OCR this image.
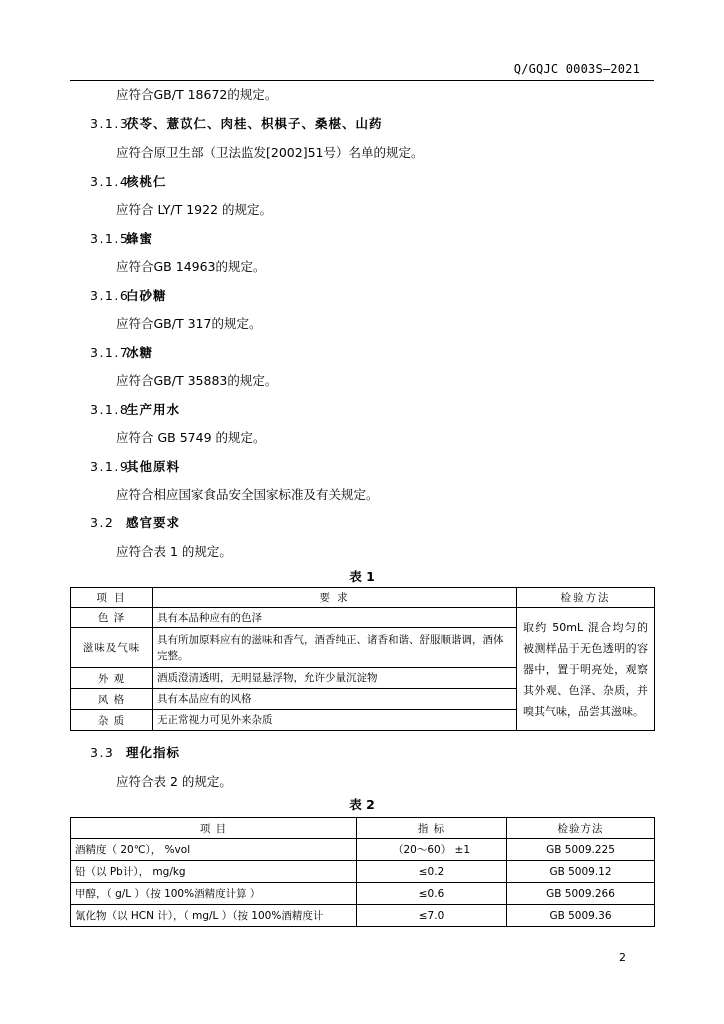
Q/GQJC 0003S—2021
应符合GB/T 18672的规定。
3.1.3茯苓、薏苡仁、肉桂、枳椇子、桑椹、山药
应符合原卫生部（卫法监发[2002]51号）名单的规定。
3.1.4核桃仁
应符合 LY/T 1922 的规定。
3.1.5蜂蜜
应符合GB 14963的规定。
3.1.6白砂糖
应符合GB/T 317的规定。
3.1.7冰糖
应符合GB/T 35883的规定。
3.1.8生产用水
应符合 GB 5749 的规定。
3.1.9其他原料
应符合相应国家食品安全国家标准及有关规定。
3.2 感官要求
应符合表 1 的规定。
表 1
项 目	要 求	检验方法
色 泽	具有本品种应有的色泽	取约 50mL 混合均匀的被测样品于无色透明的容器中，置于明亮处，观察其外观、色泽、杂质，并嗅其气味，品尝其滋味。
滋味及气味	具有所加原料应有的滋味和香气，酒香纯正、诸香和谐、舒服顺谐调，酒体完整。	
外 观	酒质澄清透明，无明显悬浮物，允许少量沉淀物	
风 格	具有本品应有的风格	
杂 质	无正常视力可见外来杂质	
3.3 理化指标
应符合表 2 的规定。
表 2
项 目	指 标	检验方法
酒精度（ 20℃）， %vol	（20～60） ±1	GB 5009.225
铅（以 Pb计）， mg/kg	≤0.2	GB 5009.12
甲醇，（ g/L ）（按 100%酒精度计算 ）	≤0.6	GB 5009.266
氰化物（以 HCN 计），（ mg/L ）（按 100%酒精度计	≤7.0	GB 5009.36
2
